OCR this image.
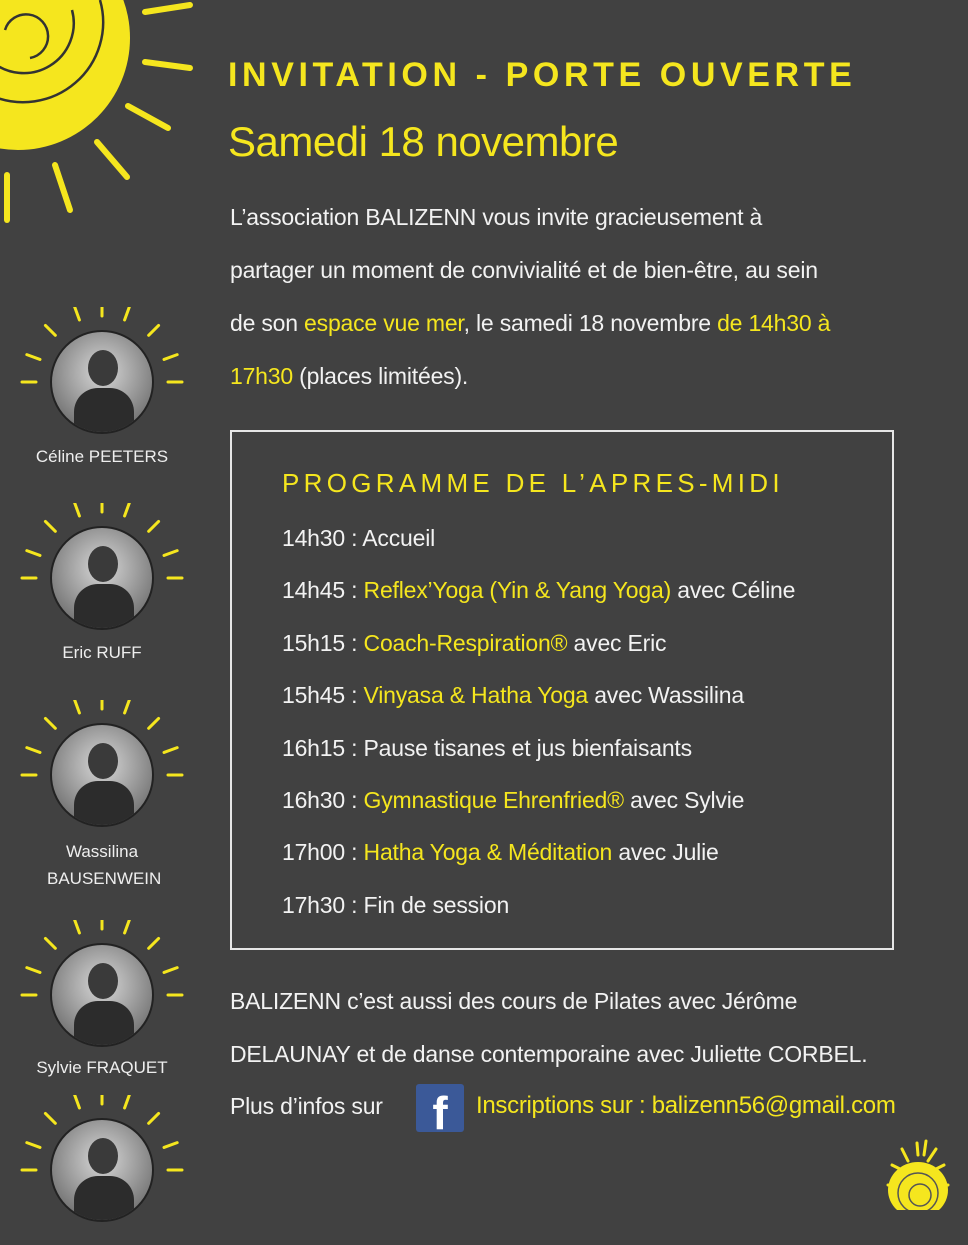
INVITATION - PORTE OUVERTE
Samedi 18 novembre
L’association BALIZENN vous invite gracieusement à
partager un moment de convivialité et de bien-être, au sein
de son espace vue mer, le samedi 18 novembre de 14h30 à
17h30 (places limitées).
PROGRAMME DE L’APRES-MIDI
14h30 : Accueil
14h45 : Reflex’Yoga (Yin & Yang Yoga) avec Céline
15h15 : Coach-Respiration® avec Eric
15h45 : Vinyasa & Hatha Yoga avec Wassilina
16h15 : Pause tisanes et jus bienfaisants
16h30 : Gymnastique Ehrenfried® avec Sylvie
17h00 : Hatha Yoga & Méditation avec Julie
17h30 : Fin de session
Céline PEETERS
Eric RUFF
Wassilina BAUSENWEIN
Sylvie FRAQUET
BALIZENN c’est aussi des cours de Pilates avec Jérôme
DELAUNAY et de danse contemporaine avec Juliette CORBEL.
Plus d’infos sur	f	Inscriptions sur : balizenn56@gmail.com
